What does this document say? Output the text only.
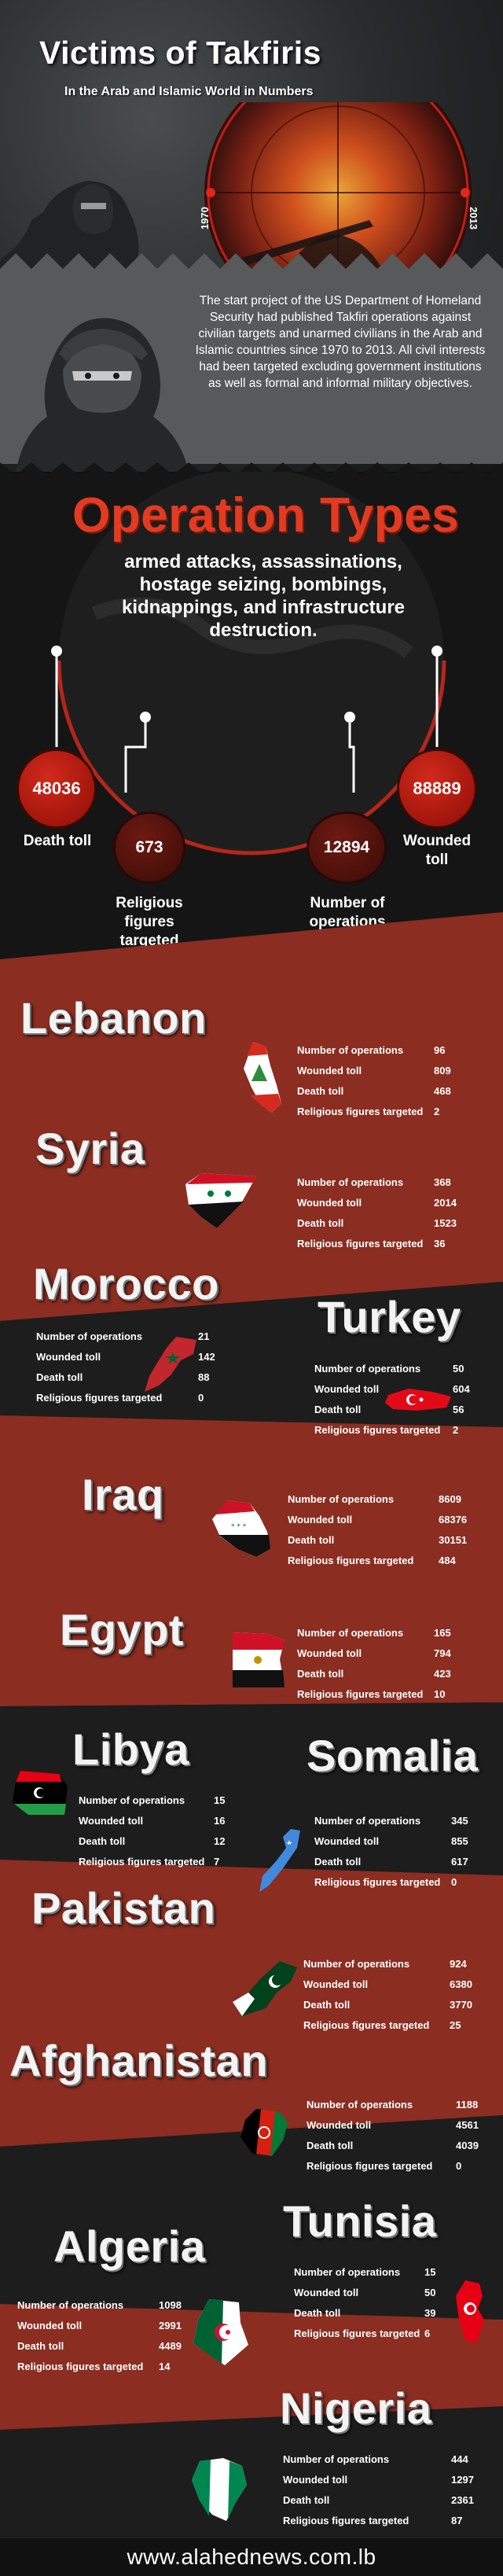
1970	2013
Victims of Takfiris
In the Arab and Islamic World in Numbers
The start project of the US Department of Homeland Security had published Takfiri operations against civilian targets and unarmed civilians in the Arab and Islamic countries since 1970 to 2013. All civil interests had been targeted excluding government institutions as well as formal and informal military objectives.
Operation Types
armed attacks, assassinations, hostage seizing, bombings, kidnappings, and infrastructure destruction.
48036
Death toll	673
Religious figures targeted
12894
Number of operations
88889
Wounded toll
Lebanon
Number of operations	96
Wounded toll	809
Death toll	468
Religious figures targeted 2
Syria
Number of operations	368
Wounded toll	2014
Death toll	1523
Religious figures targeted 36
Morocco
Number of operations	21
Wounded toll	142
Death toll	88
Religious figures targeted	0
Turkey
Number of operations	50
Wounded toll	604
Death toll	56
Religious figures targeted 2
Iraq
* * *
Number of operations	8609
Wounded toll	68376
Death toll	30151
Religious figures targeted 484
Egypt	Number of operations	165
Wounded toll	794
Death toll	423
Religious figures targeted 10
Libya
Number of operations	15
Wounded toll	16
Death toll	12
Religious figures targeted 7
Somalia
Number of operations	345
Wounded toll	855
Death toll	617
Religious figures targeted 0
Pakistan
Number of operations	924
Wounded toll	6380
Death toll	3770
Religious figures targeted 25
Afghanistan
Number of operations	1188
Wounded toll	4561
Death toll	4039
Religious figures targeted 0
Tunisia
Number of operations 15
Wounded toll	50
Death toll	39
Religious figures targeted 6
Algeria
Number of operations	1098
Wounded toll	2991
Death toll	4489
Religious figures targeted 14
Nigeria
Number of operations	444
Wounded toll	1297
Death toll	2361
Religious figures targeted	87
www.alahednews.com.lb
